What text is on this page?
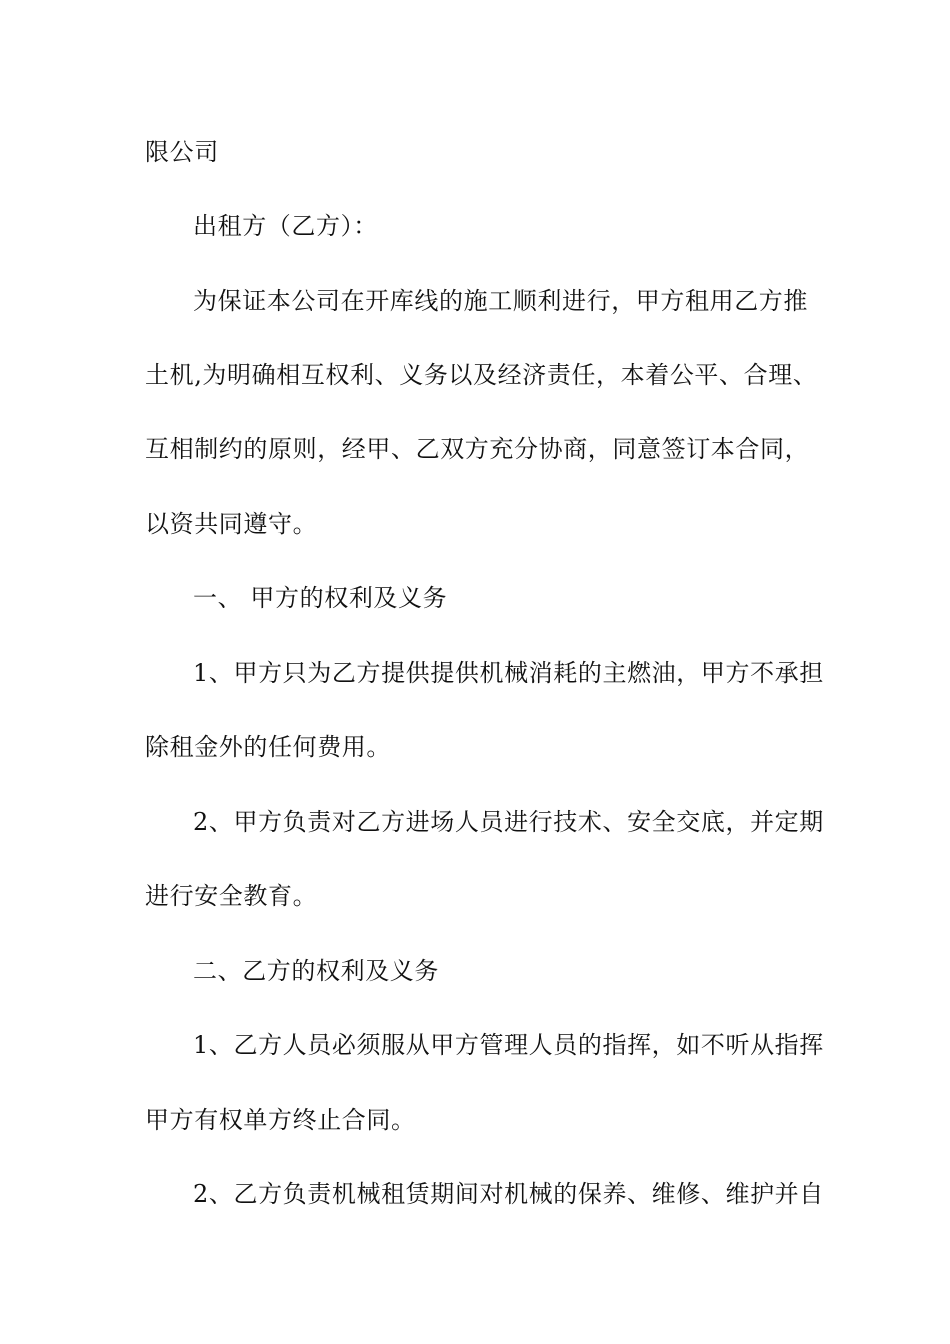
限公司

出租方（乙方）：

为保证本公司在开库线的施工顺利进行，甲方租用乙方推

土机,为明确相互权利、义务以及经济责任，本着公平、合理、

互相制约的原则，经甲、乙双方充分协商，同意签订本合同，

以资共同遵守。

一、 甲方的权利及义务

1、甲方只为乙方提供提供机械消耗的主燃油，甲方不承担

除租金外的任何费用。

2、甲方负责对乙方进场人员进行技术、安全交底，并定期

进行安全教育。

二、乙方的权利及义务

1、乙方人员必须服从甲方管理人员的指挥，如不听从指挥

甲方有权单方终止合同。

2、乙方负责机械租赁期间对机械的保养、维修、维护并自
